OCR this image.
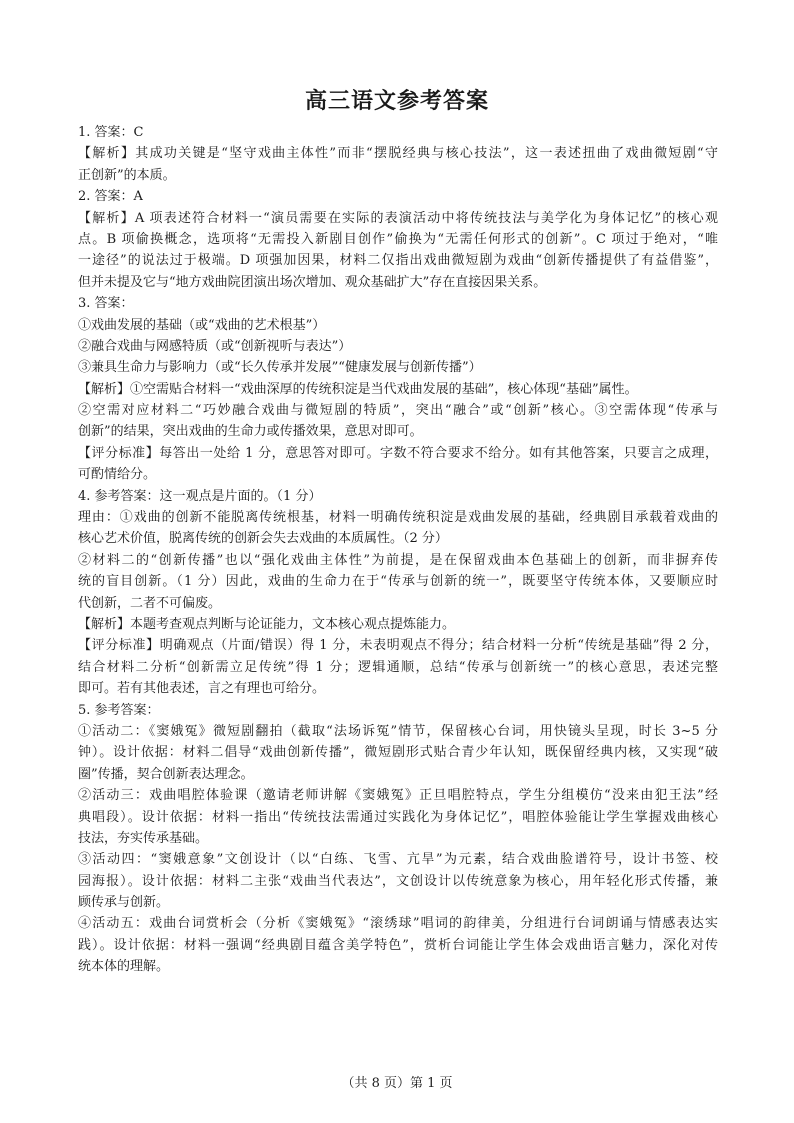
高三语文参考答案
1. 答案：C
【解析】其成功关键是“坚守戏曲主体性”而非“摆脱经典与核心技法”，这一表述扭曲了戏曲微短剧“守
正创新”的本质。
2. 答案：A
【解析】A 项表述符合材料一“演员需要在实际的表演活动中将传统技法与美学化为身体记忆”的核心观
点。B 项偷换概念，选项将“无需投入新剧目创作”偷换为“无需任何形式的创新”。C 项过于绝对，“唯
一途径”的说法过于极端。D 项强加因果，材料二仅指出戏曲微短剧为戏曲“创新传播提供了有益借鉴”，
但并未提及它与“地方戏曲院团演出场次增加、观众基础扩大”存在直接因果关系。
3. 答案：
①戏曲发展的基础（或“戏曲的艺术根基”）
②融合戏曲与网感特质（或“创新视听与表达”）
③兼具生命力与影响力（或“长久传承并发展”“健康发展与创新传播”）
【解析】①空需贴合材料一“戏曲深厚的传统积淀是当代戏曲发展的基础”，核心体现“基础”属性。
②空需对应材料二“巧妙融合戏曲与微短剧的特质”，突出“融合”或“创新”核心。③空需体现“传承与
创新”的结果，突出戏曲的生命力或传播效果，意思对即可。
【评分标准】每答出一处给 1 分，意思答对即可。字数不符合要求不给分。如有其他答案，只要言之成理，
可酌情给分。
4. 参考答案：这一观点是片面的。（1 分）
理由：①戏曲的创新不能脱离传统根基，材料一明确传统积淀是戏曲发展的基础，经典剧目承载着戏曲的
核心艺术价值，脱离传统的创新会失去戏曲的本质属性。（2 分）
②材料二的“创新传播”也以“强化戏曲主体性”为前提，是在保留戏曲本色基础上的创新，而非摒弃传
统的盲目创新。（1 分）因此，戏曲的生命力在于“传承与创新的统一”，既要坚守传统本体，又要顺应时
代创新，二者不可偏废。
【解析】本题考查观点判断与论证能力，文本核心观点提炼能力。
【评分标准】明确观点（片面/错误）得 1 分，未表明观点不得分；结合材料一分析“传统是基础”得 2 分，
结合材料二分析“创新需立足传统”得 1 分；逻辑通顺，总结“传承与创新统一”的核心意思，表述完整
即可。若有其他表述，言之有理也可给分。
5. 参考答案：
①活动二：《窦娥冤》微短剧翻拍（截取“法场诉冤”情节，保留核心台词，用快镜头呈现，时长 3~5 分
钟）。设计依据：材料二倡导“戏曲创新传播”，微短剧形式贴合青少年认知，既保留经典内核，又实现“破
圈”传播，契合创新表达理念。
②活动三：戏曲唱腔体验课（邀请老师讲解《窦娥冤》正旦唱腔特点，学生分组模仿“没来由犯王法”经
典唱段）。设计依据：材料一指出“传统技法需通过实践化为身体记忆”，唱腔体验能让学生掌握戏曲核心
技法，夯实传承基础。
③活动四：“窦娥意象”文创设计（以“白练、飞雪、亢旱”为元素，结合戏曲脸谱符号，设计书签、校
园海报）。设计依据：材料二主张“戏曲当代表达”，文创设计以传统意象为核心，用年轻化形式传播，兼
顾传承与创新。
④活动五：戏曲台词赏析会（分析《窦娥冤》“滚绣球”唱词的韵律美，分组进行台词朗诵与情感表达实
践）。设计依据：材料一强调“经典剧目蕴含美学特色”，赏析台词能让学生体会戏曲语言魅力，深化对传
统本体的理解。
（共 8 页）第 1 页
